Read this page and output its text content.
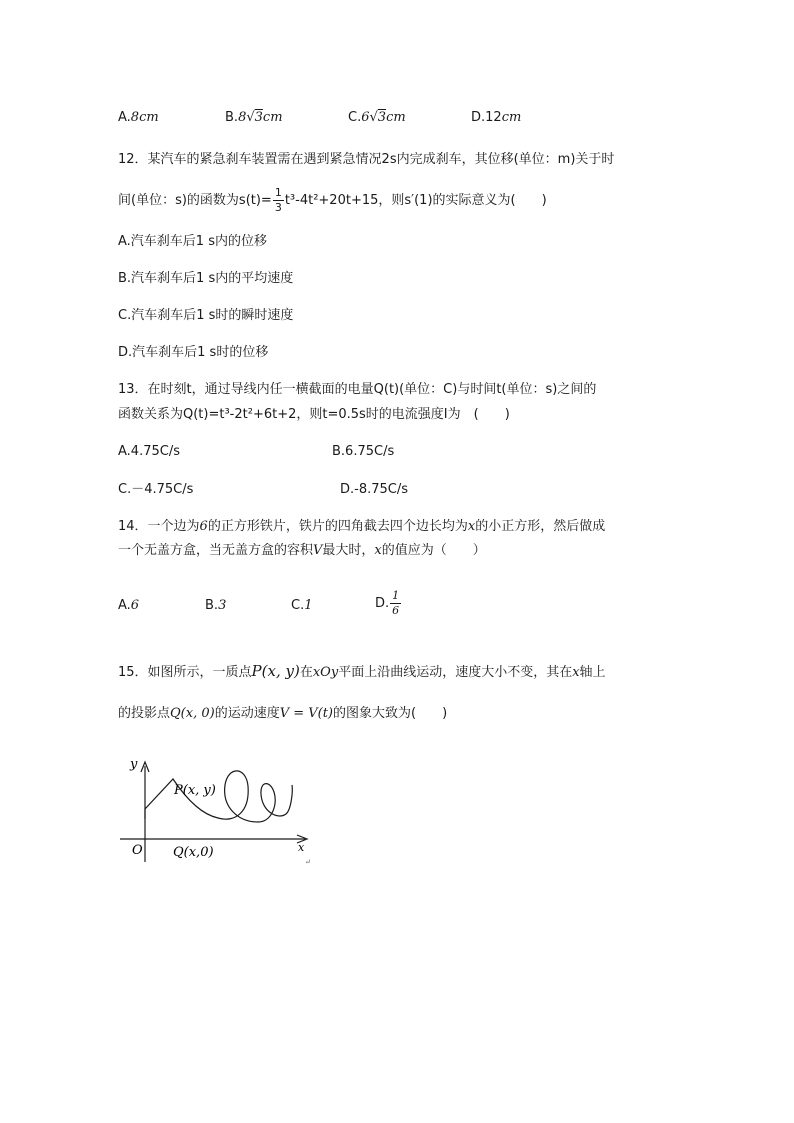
A.8cm	B.8√3cm	C.6√3cm	D.12cm
12．某汽车的紧急刹车装置需在遇到紧急情况2s内完成刹车，其位移(单位：m)关于时
间(单位：s)的函数为$s(t)= \frac{1}{3} t^3-4t^2+20t+15$，则s′(1)的实际意义为(　　)
A.汽车刹车后1 s内的位移
B.汽车刹车后1 s内的平均速度
C.汽车刹车后1 s时的瞬时速度
D.汽车刹车后1 s时的位移
13．在时刻t，通过导线内任一横截面的电量Q(t)(单位：C)与时间t(单位：s)之间的
函数关系为Q(t)=t³-2t²+6t+2，则t=0.5s时的电流强度I为　(　　)
A.4.75C/s	B.6.75C/s
C.－4.75C/s	D.-8.75C/s
14．一个边为6的正方形铁片，铁片的四角截去四个边长均为x的小正方形，然后做成
一个无盖方盒，当无盖方盒的容积V最大时，x的值应为（　　）
A.6	B.3	C.1	D. $\frac{1}{6}$
15．如图所示，一质点P(x, y)在xOy平面上沿曲线运动，速度大小不变，其在x轴上
的投影点Q(x, 0)的运动速度V = V(t)的图象大致为(　　)
y
x
O
P(x, y)
Q(x,0)
↵
